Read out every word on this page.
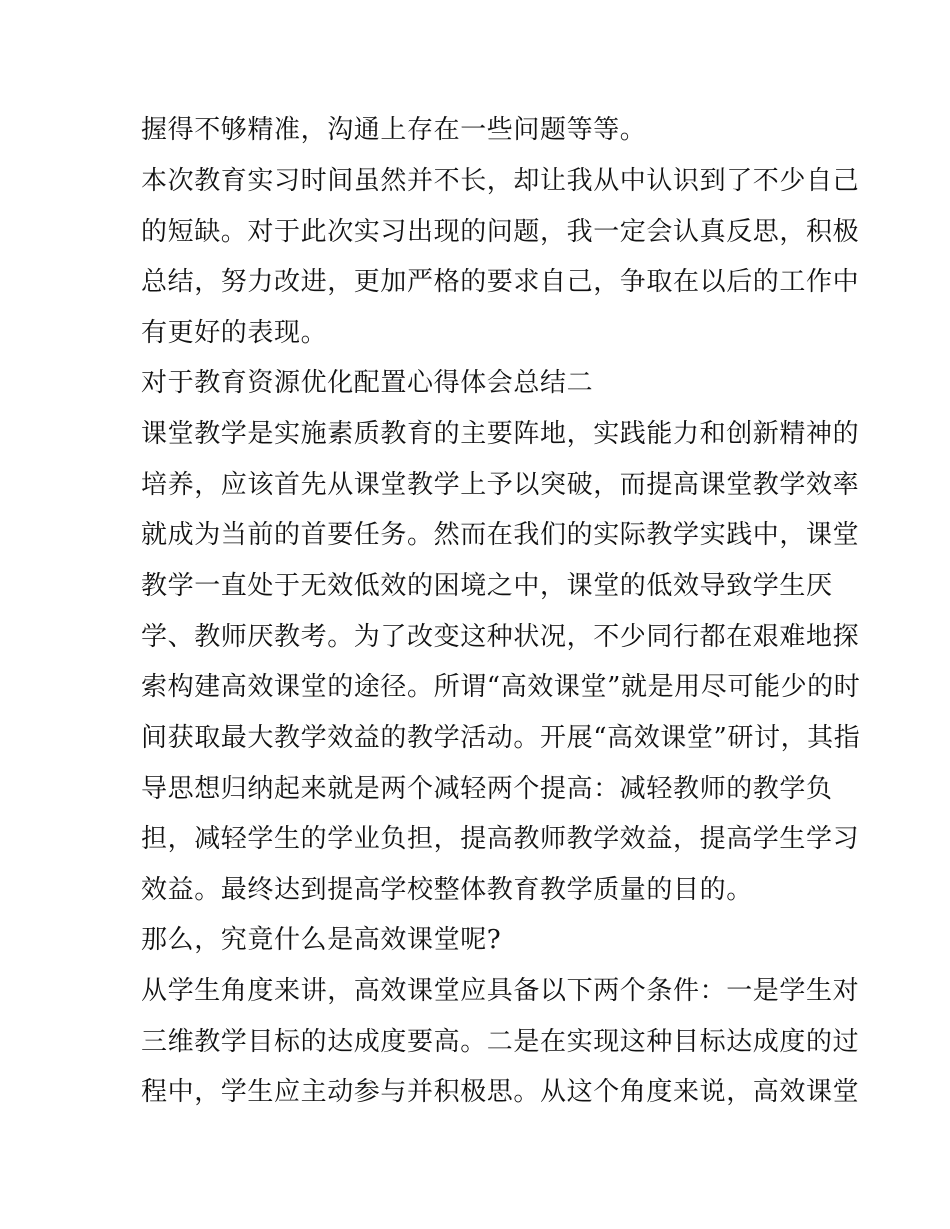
握得不够精准，沟通上存在一些问题等等。
本次教育实习时间虽然并不长，却让我从中认识到了不少自己
的短缺。对于此次实习出现的问题，我一定会认真反思，积极
总结，努力改进，更加严格的要求自己，争取在以后的工作中
有更好的表现。
对于教育资源优化配置心得体会总结二
课堂教学是实施素质教育的主要阵地，实践能力和创新精神的
培养，应该首先从课堂教学上予以突破，而提高课堂教学效率
就成为当前的首要任务。然而在我们的实际教学实践中，课堂
教学一直处于无效低效的困境之中，课堂的低效导致学生厌
学、教师厌教考。为了改变这种状况，不少同行都在艰难地探
索构建高效课堂的途径。所谓“高效课堂”就是用尽可能少的时
间获取最大教学效益的教学活动。开展“高效课堂”研讨，其指
导思想归纳起来就是两个减轻两个提高：减轻教师的教学负
担，减轻学生的学业负担，提高教师教学效益，提高学生学习
效益。最终达到提高学校整体教育教学质量的目的。
那么，究竟什么是高效课堂呢?
从学生角度来讲，高效课堂应具备以下两个条件：一是学生对
三维教学目标的达成度要高。二是在实现这种目标达成度的过
程中，学生应主动参与并积极思。从这个角度来说，高效课堂
